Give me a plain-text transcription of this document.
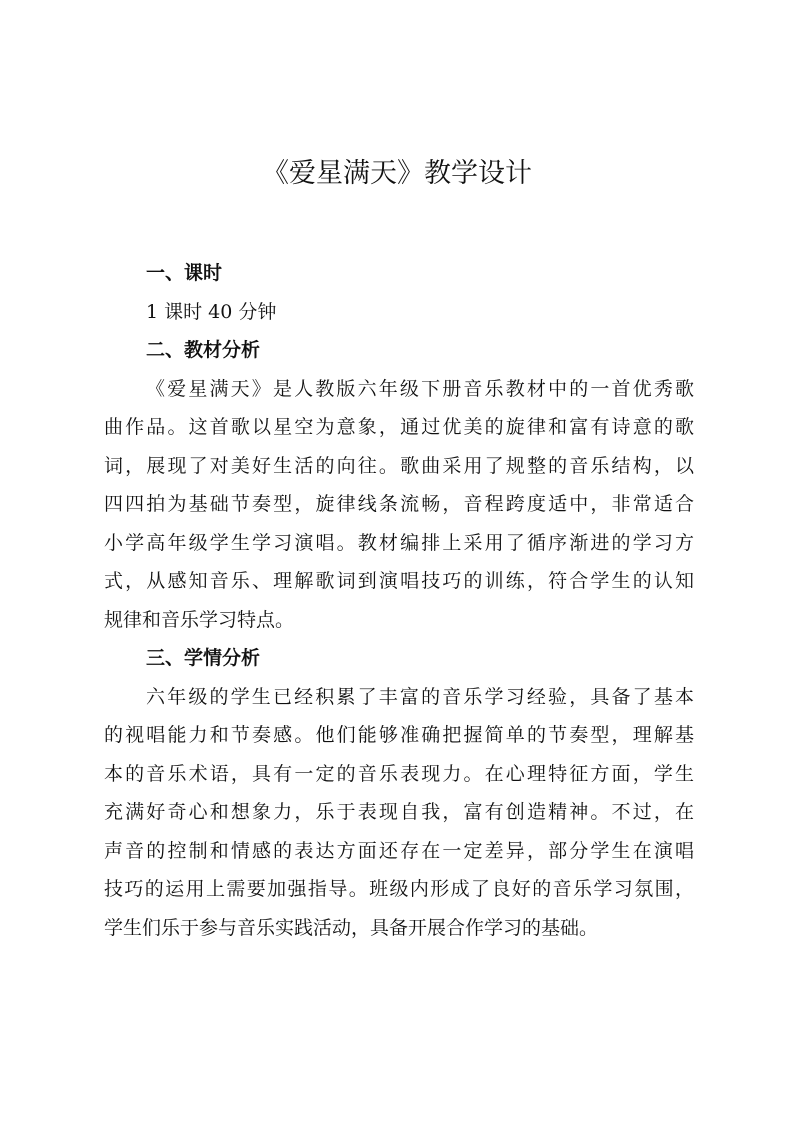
《爱星满天》教学设计

一、课时

1 课时 40 分钟

二、教材分析

《爱星满天》是人教版六年级下册音乐教材中的一首优秀歌

曲作品。这首歌以星空为意象，通过优美的旋律和富有诗意的歌

词，展现了对美好生活的向往。歌曲采用了规整的音乐结构，以

四四拍为基础节奏型，旋律线条流畅，音程跨度适中，非常适合

小学高年级学生学习演唱。教材编排上采用了循序渐进的学习方

式，从感知音乐、理解歌词到演唱技巧的训练，符合学生的认知

规律和音乐学习特点。

三、学情分析

六年级的学生已经积累了丰富的音乐学习经验，具备了基本

的视唱能力和节奏感。他们能够准确把握简单的节奏型，理解基

本的音乐术语，具有一定的音乐表现力。在心理特征方面，学生

充满好奇心和想象力，乐于表现自我，富有创造精神。不过，在

声音的控制和情感的表达方面还存在一定差异，部分学生在演唱

技巧的运用上需要加强指导。班级内形成了良好的音乐学习氛围，

学生们乐于参与音乐实践活动，具备开展合作学习的基础。
